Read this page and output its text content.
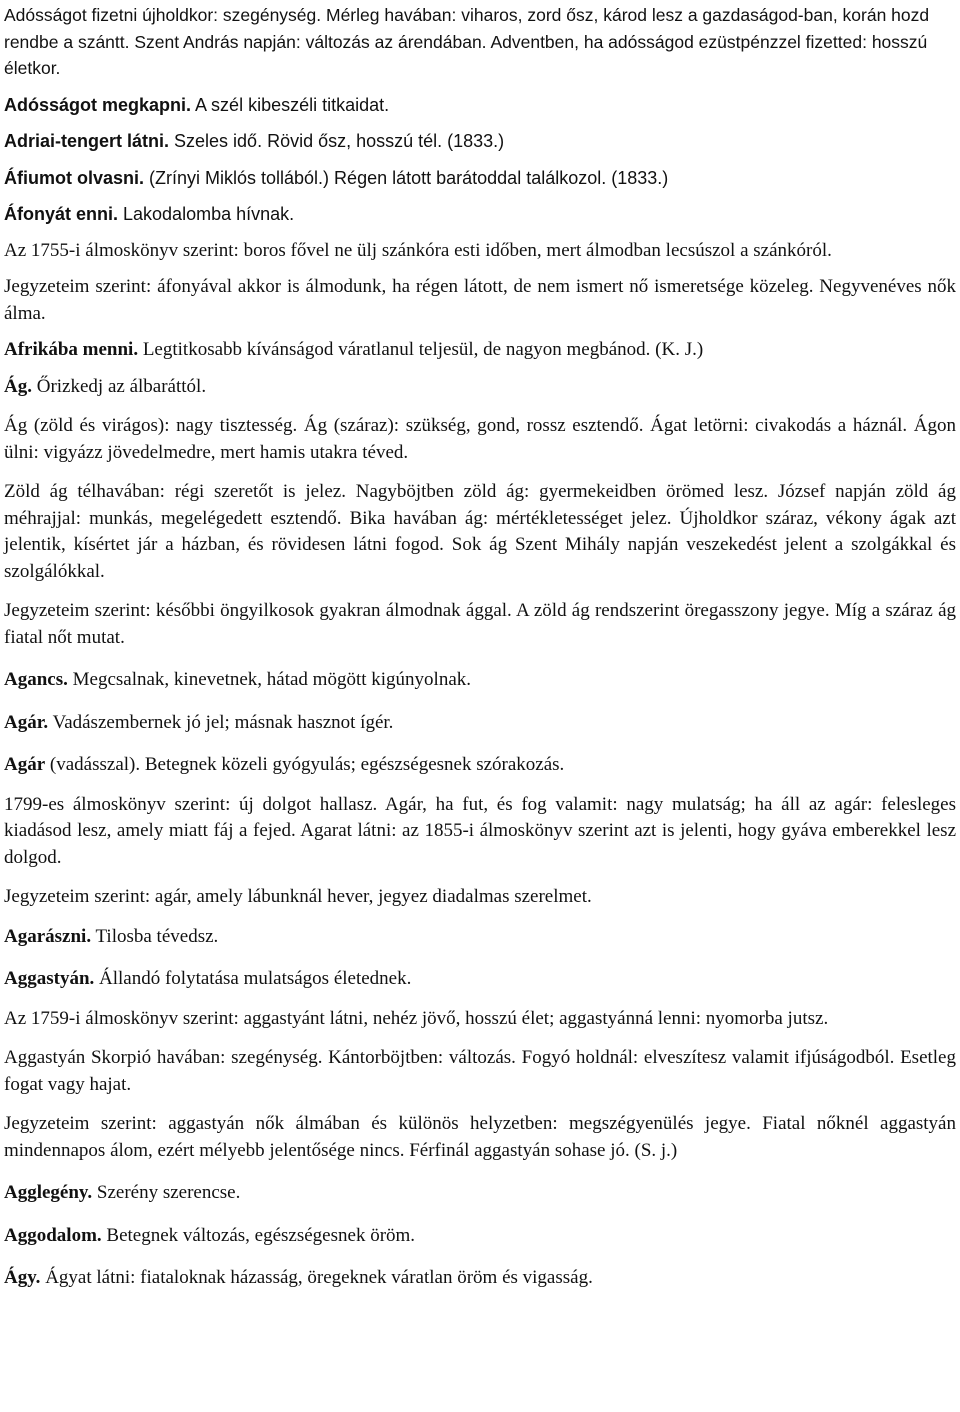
Adósságot fizetni újholdkor: szegénység. Mérleg havában: viharos, zord ősz, károd lesz a gazdaságod-ban, korán hozd rendbe a szántt. Szent András napján: változás az árendában. Adventben, ha adósságod ezüstpénzzel fizetted: hosszú életkor.

Adósságot megkapni. A szél kibeszéli titkaidat.

Adriai-tengert látni. Szeles idő. Rövid ősz, hosszú tél. (1833.)

Áfiumot olvasni. (Zrínyi Miklós tollából.) Régen látott barátoddal találkozol. (1833.)

Áfonyát enni. Lakodalomba hívnak.

Az 1755-i álmoskönyv szerint: boros fővel ne ülj szánkóra esti időben, mert álmodban lecsúszol a szánkóról.

Jegyzeteim szerint: áfonyával akkor is álmodunk, ha régen látott, de nem ismert nő ismeretsége közeleg. Negyvenéves nők álma.

Afrikába menni. Legtitkosabb kívánságod váratlanul teljesül, de nagyon megbánod. (K. J.)

Ág. Őrizkedj az álbaráttól.

Ág (zöld és virágos): nagy tisztesség. Ág (száraz): szükség, gond, rossz esztendő. Ágat letörni: civakodás a háznál. Ágon ülni: vigyázz jövedelmedre, mert hamis utakra téved.

Zöld ág télhavában: régi szeretőt is jelez. Nagyböjtben zöld ág: gyermekeidben örömed lesz. József napján zöld ág méhrajjal: munkás, megelégedett esztendő. Bika havában ág: mértékletességet jelez. Újholdkor száraz, vékony ágak azt jelentik, kísértet jár a házban, és rövidesen látni fogod. Sok ág Szent Mihály napján veszekedést jelent a szolgákkal és szolgálókkal.

Jegyzeteim szerint: későbbi öngyilkosok gyakran álmodnak ággal. A zöld ág rendszerint öregasszony jegye. Míg a száraz ág fiatal nőt mutat.

Agancs. Megcsalnak, kinevetnek, hátad mögött kigúnyolnak.

Agár. Vadászembernek jó jel; másnak hasznot ígér.

Agár (vadásszal). Betegnek közeli gyógyulás; egészségesnek szórakozás.

1799-es álmoskönyv szerint: új dolgot hallasz. Agár, ha fut, és fog valamit: nagy mulatság; ha áll az agár: felesleges kiadásod lesz, amely miatt fáj a fejed. Agarat látni: az 1855-i álmoskönyv szerint azt is jelenti, hogy gyáva emberekkel lesz dolgod.

Jegyzeteim szerint: agár, amely lábunknál hever, jegyez diadalmas szerelmet.

Agarászni. Tilosba tévedsz.

Aggastyán. Állandó folytatása mulatságos életednek.

Az 1759-i álmoskönyv szerint: aggastyánt látni, nehéz jövő, hosszú élet; aggastyánná lenni: nyomorba jutsz.

Aggastyán Skorpió havában: szegénység. Kántorböjtben: változás. Fogyó holdnál: elveszítesz valamit ifjúságodból. Esetleg fogat vagy hajat.

Jegyzeteim szerint: aggastyán nők álmában és különös helyzetben: megszégyenülés jegye. Fiatal nőknél aggastyán mindennapos álom, ezért mélyebb jelentősége nincs. Férfinál aggastyán sohase jó. (S. j.)

Agglegény. Szerény szerencse.

Aggodalom. Betegnek változás, egészségesnek öröm.

Ágy. Ágyat látni: fiataloknak házasság, öregeknek váratlan öröm és vigasság.
